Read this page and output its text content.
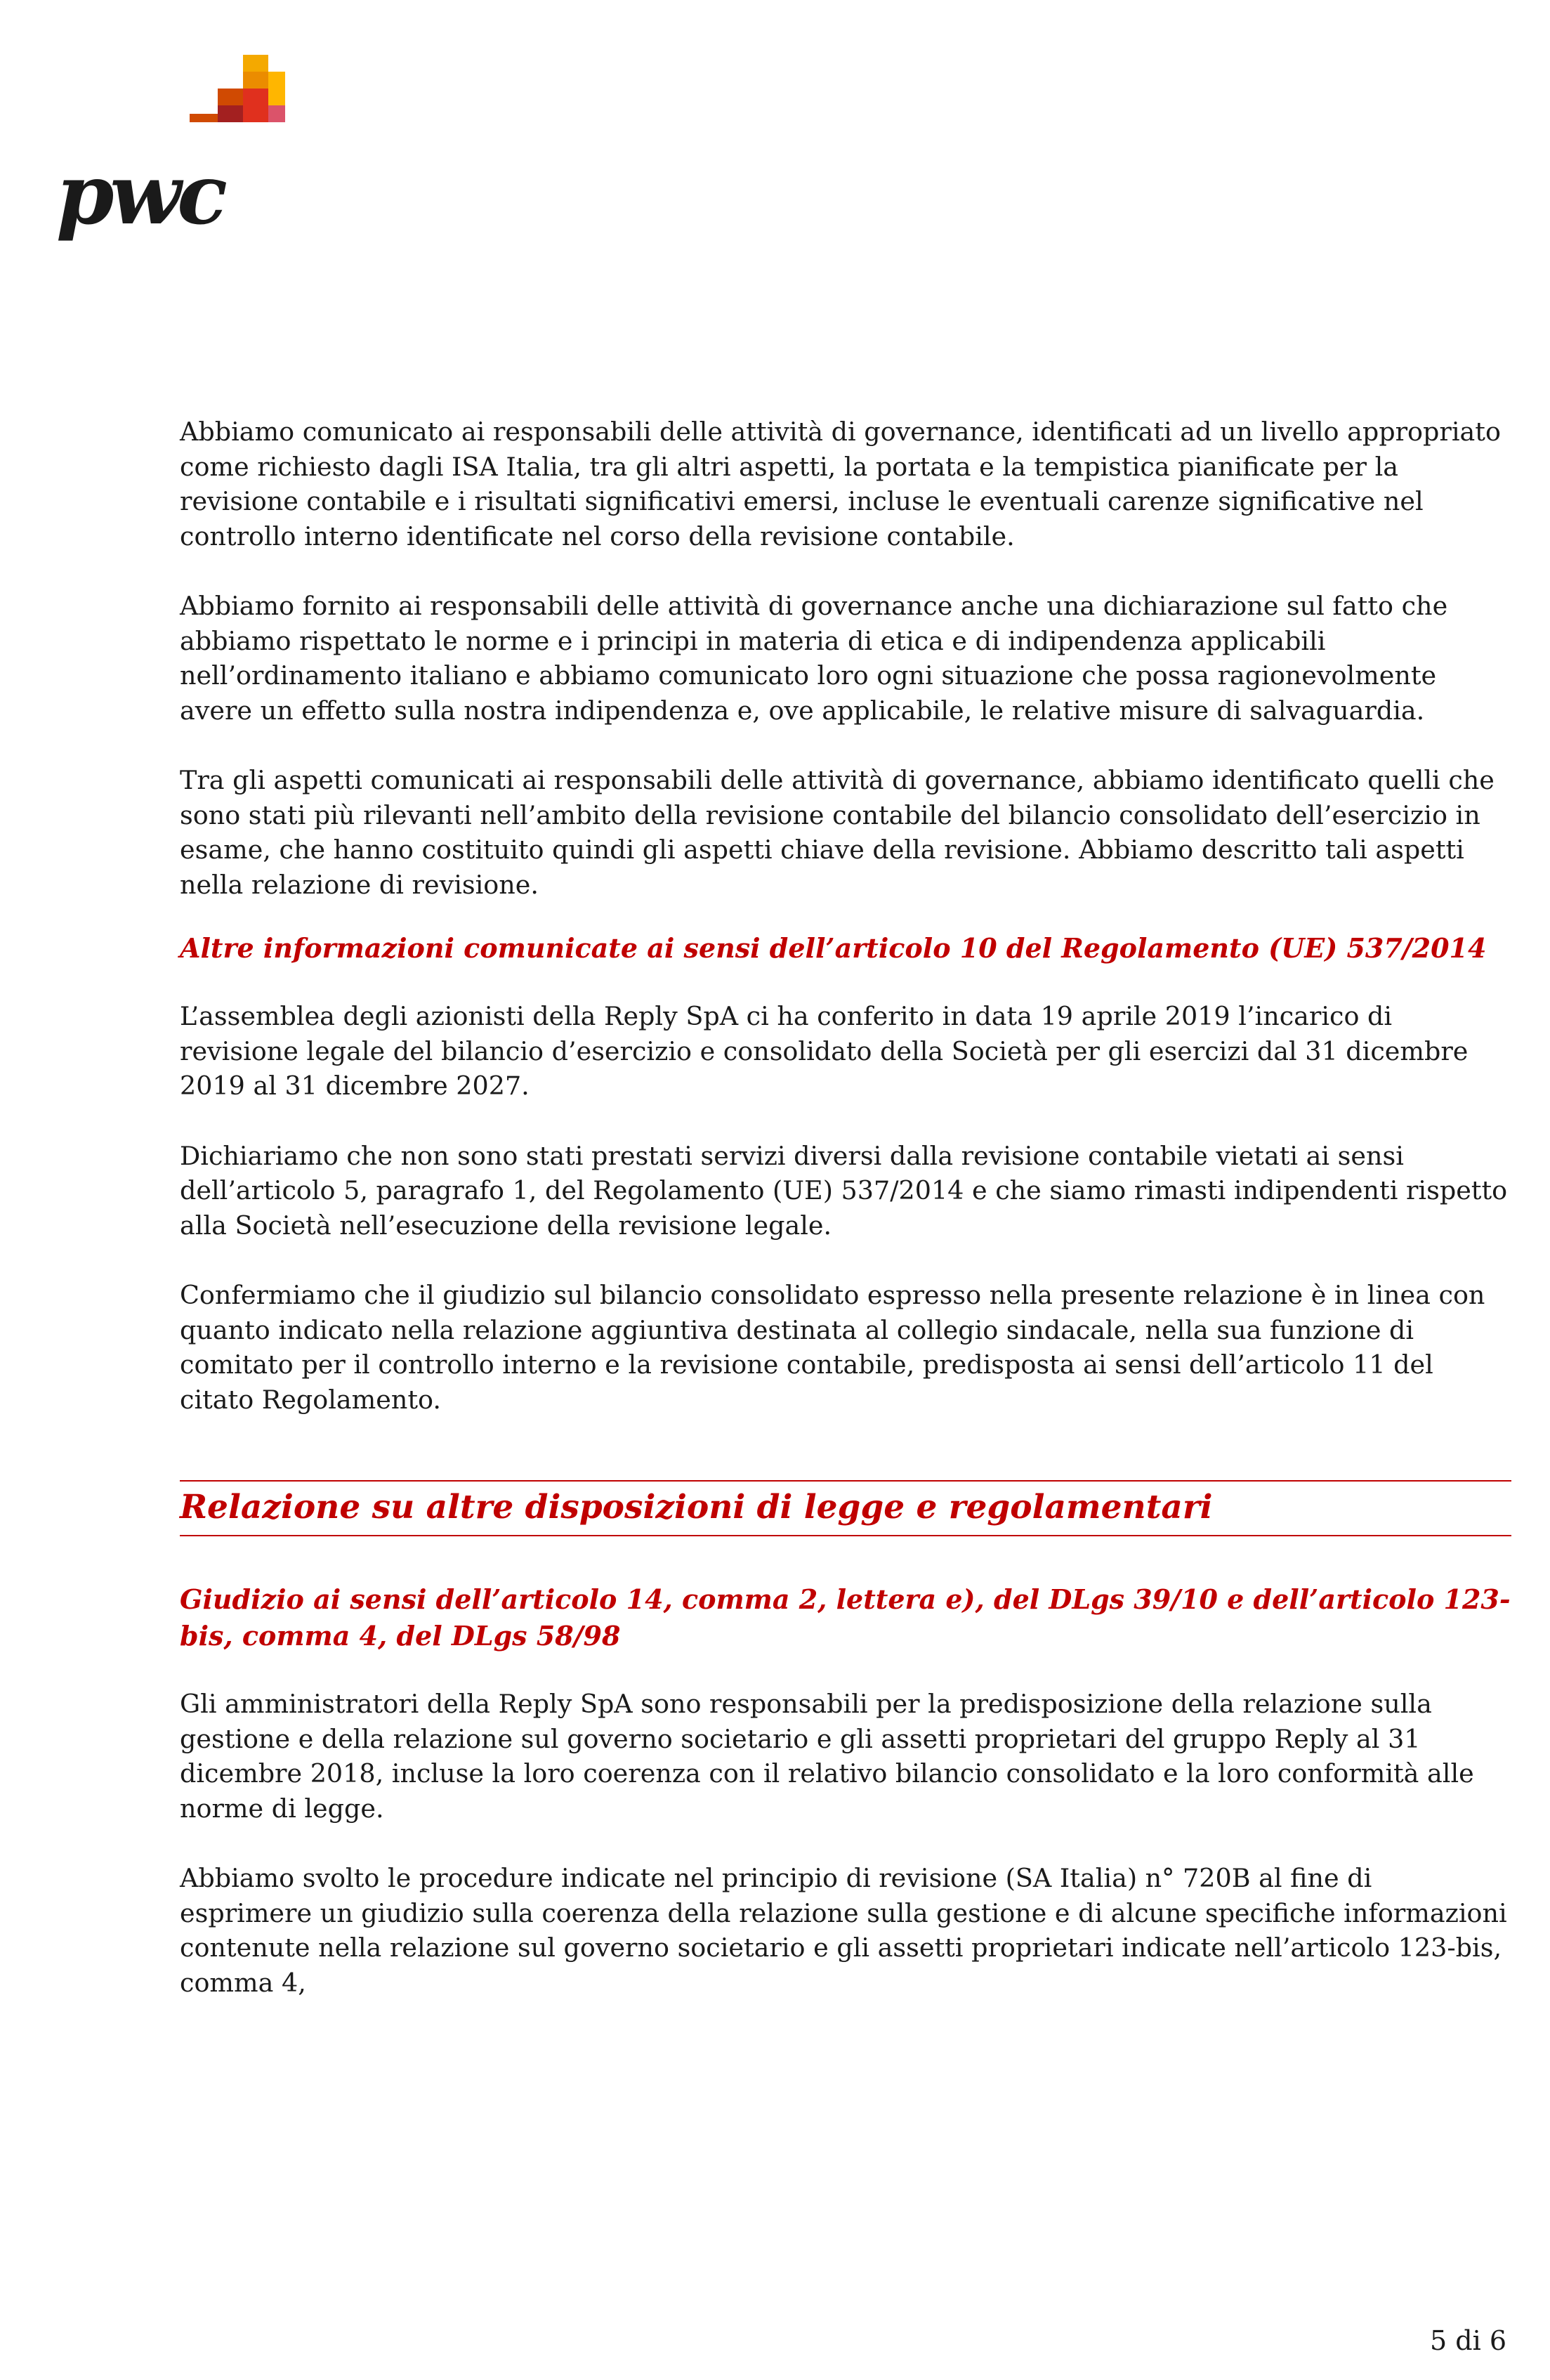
pwc

Abbiamo comunicato ai responsabili delle attività di governance, identificati ad un livello appropriato come richiesto dagli ISA Italia, tra gli altri aspetti, la portata e la tempistica pianificate per la revisione contabile e i risultati significativi emersi, incluse le eventuali carenze significative nel controllo interno identificate nel corso della revisione contabile.

Abbiamo fornito ai responsabili delle attività di governance anche una dichiarazione sul fatto che abbiamo rispettato le norme e i principi in materia di etica e di indipendenza applicabili nell’ordinamento italiano e abbiamo comunicato loro ogni situazione che possa ragionevolmente avere un effetto sulla nostra indipendenza e, ove applicabile, le relative misure di salvaguardia.

Tra gli aspetti comunicati ai responsabili delle attività di governance, abbiamo identificato quelli che sono stati più rilevanti nell’ambito della revisione contabile del bilancio consolidato dell’esercizio in esame, che hanno costituito quindi gli aspetti chiave della revisione. Abbiamo descritto tali aspetti nella relazione di revisione.

Altre informazioni comunicate ai sensi dell’articolo 10 del Regolamento (UE) 537/2014

L’assemblea degli azionisti della Reply SpA ci ha conferito in data 19 aprile 2019 l’incarico di revisione legale del bilancio d’esercizio e consolidato della Società per gli esercizi dal 31 dicembre 2019 al 31 dicembre 2027.

Dichiariamo che non sono stati prestati servizi diversi dalla revisione contabile vietati ai sensi dell’articolo 5, paragrafo 1, del Regolamento (UE) 537/2014 e che siamo rimasti indipendenti rispetto alla Società nell’esecuzione della revisione legale.

Confermiamo che il giudizio sul bilancio consolidato espresso nella presente relazione è in linea con quanto indicato nella relazione aggiuntiva destinata al collegio sindacale, nella sua funzione di comitato per il controllo interno e la revisione contabile, predisposta ai sensi dell’articolo 11 del citato Regolamento.

Relazione su altre disposizioni di legge e regolamentari
Giudizio ai sensi dell’articolo 14, comma 2, lettera e), del DLgs 39/10 e dell’articolo 123-bis, comma 4, del DLgs 58/98

Gli amministratori della Reply SpA sono responsabili per la predisposizione della relazione sulla gestione e della relazione sul governo societario e gli assetti proprietari del gruppo Reply al 31 dicembre 2018, incluse la loro coerenza con il relativo bilancio consolidato e la loro conformità alle norme di legge.

Abbiamo svolto le procedure indicate nel principio di revisione (SA Italia) n° 720B al fine di esprimere un giudizio sulla coerenza della relazione sulla gestione e di alcune specifiche informazioni contenute nella relazione sul governo societario e gli assetti proprietari indicate nell’articolo 123-bis, comma 4,

5 di 6
